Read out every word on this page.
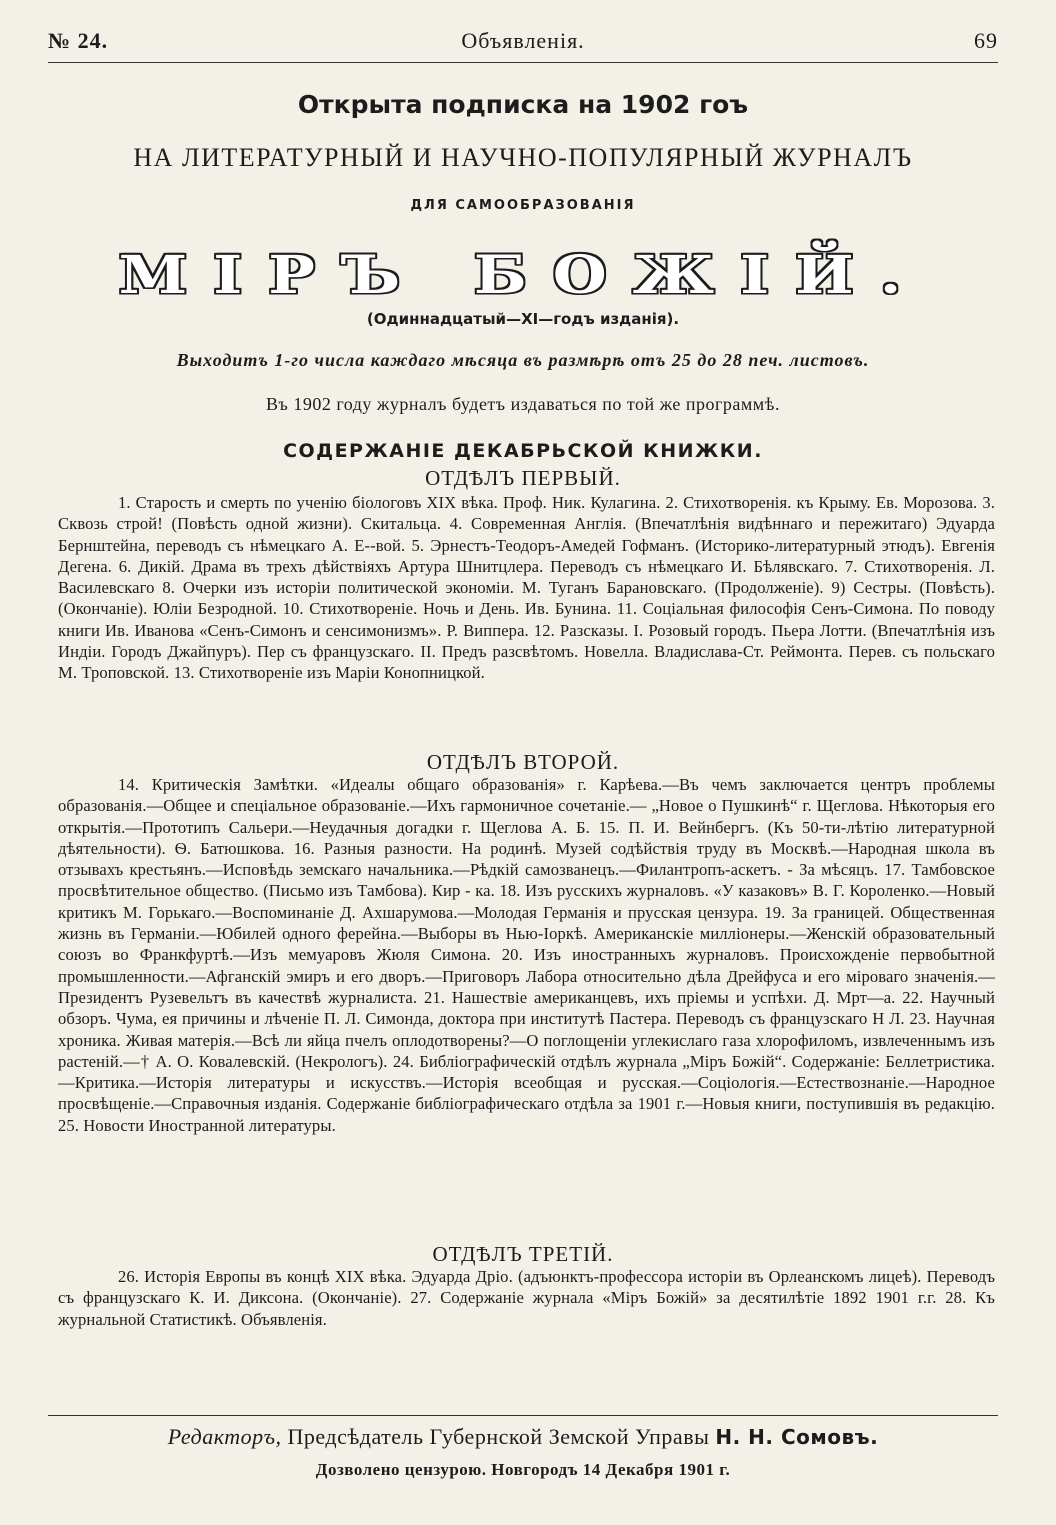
№ 24.	Объявленія.	69
Открыта подписка на 1902 гоъ
НА ЛИТЕРАТУРНЫЙ И НАУЧНО-ПОПУЛЯРНЫЙ ЖУРНАЛЪ
ДЛЯ САМООБРАЗОВАНІЯ
МІРЪ БОЖІЙ.
(Одиннадцатый—XI—годъ изданія).
Выходитъ 1-го числа каждаго мѣсяца въ размѣрѣ отъ 25 до 28 печ. листовъ.
Въ 1902 году журналъ будетъ издаваться по той же программѣ.
СОДЕРЖАНІЕ ДЕКАБРЬСКОЙ КНИЖКИ.
ОТДѢЛЪ ПЕРВЫЙ.

1. Старость и смерть по ученію біологовъ XIX вѣка. Проф. Ник. Кулагина. 2. Стихотворенія. къ Крыму. Ев. Морозова. 3. Сквозь строй! (Повѣсть одной жизни). Скитальца. 4. Современная Англія. (Впечатлѣнія видѣннаго и пережитаго) Эдуарда Бернштейна, переводъ съ нѣмецкаго А. Е--вой. 5. Эрнестъ-Теодоръ-Амедей Гофманъ. (Историко-литературный этюдъ). Евгенія Дегена. 6. Дикій. Драма въ трехъ дѣйствіяхъ Артура Шнитцлера. Переводъ съ нѣмецкаго И. Бѣлявскаго. 7. Стихотворенія. Л. Василевскаго 8. Очерки изъ исторіи политической экономіи. М. Туганъ Барановскаго. (Продолженіе). 9) Сестры. (Повѣсть). (Окончаніе). Юліи Безродной. 10. Стихотвореніе. Ночь и День. Ив. Бунина. 11. Соціальная философія Сенъ-Симона. По поводу книги Ив. Иванова «Сенъ-Симонъ и сенсимонизмъ». Р. Виппера. 12. Разсказы. I. Розовый городъ. Пьера Лотти. (Впечатлѣнія изъ Индіи. Городъ Джайпуръ). Пер съ французскаго. II. Предъ разсвѣтомъ. Новелла. Владислава-Ст. Реймонта. Перев. съ польскаго М. Троповской. 13. Стихотвореніе изъ Маріи Конопницкой.

ОТДѢЛЪ ВТОРОЙ.

14. Критическія Замѣтки. «Идеалы общаго образованія» г. Карѣева.—Въ чемъ заключается центръ проблемы образованія.—Общее и спеціальное образованіе.—Ихъ гармоничное сочетаніе.— „Новое о Пушкинѣ“ г. Щеглова. Нѣкоторыя его открытія.—Прототипъ Сальери.—Неудачныя догадки г. Щеглова А. Б. 15. П. И. Вейнбергъ. (Къ 50-ти-лѣтію литературной дѣятельности). Ѳ. Батюшкова. 16. Разныя разности. На родинѣ. Музей содѣйствія труду въ Москвѣ.—Народная школа въ отзывахъ крестьянъ.—Исповѣдь земскаго начальника.—Рѣдкій самозванецъ.—Филантропъ-аскетъ. - За мѣсяцъ. 17. Тамбовское просвѣтительное общество. (Письмо изъ Тамбова). Кир - ка. 18. Изъ русскихъ журналовъ. «У казаковъ» В. Г. Короленко.—Новый критикъ М. Горькаго.—Воспоминаніе Д. Ахшарумова.—Молодая Германія и прусская цензура. 19. За границей. Общественная жизнь въ Германіи.—Юбилей одного ферейна.—Выборы въ Нью-Іоркѣ. Американскіе милліонеры.—Женскій образовательный союзъ во Франкфуртѣ.—Изъ мемуаровъ Жюля Симона. 20. Изъ иностранныхъ журналовъ. Происхожденіе первобытной промышленности.—Афганскій эмиръ и его дворъ.—Приговоръ Лабора относительно дѣла Дрейфуса и его міроваго значенія.—Президентъ Рузевельтъ въ качествѣ журналиста. 21. Нашествіе американцевъ, ихъ пріемы и успѣхи. Д. Мрт—а. 22. Научный обзоръ. Чума, ея причины и лѣченіе П. Л. Симонда, доктора при институтѣ Пастера. Переводъ съ французскаго Н Л. 23. Научная хроника. Живая матерія.—Всѣ ли яйца пчелъ оплодотворены?—О поглощеніи углекислаго газа хлорофиломъ, извлеченнымъ изъ растеній.—† А. О. Ковалевскій. (Некрологъ). 24. Библіографическій отдѣлъ журнала „Міръ Божій“. Содержаніе: Беллетристика.—Критика.—Исторія литературы и искусствъ.—Исторія всеобщая и русская.—Соціологія.—Естествознаніе.—Народное просвѣщеніе.—Справочныя изданія. Содержаніе библіографическаго отдѣла за 1901 г.—Новыя книги, поступившія въ редакцію. 25. Новости Иностранной литературы.

ОТДѢЛЪ ТРЕТІЙ.

26. Исторія Европы въ концѣ XIX вѣка. Эдуарда Дріо. (адъюнктъ-профессора исторіи въ Орлеанскомъ лицеѣ). Переводъ съ французскаго К. И. Диксона. (Окончаніе). 27. Содержаніе журнала «Міръ Божій» за десятилѣтіе 1892 1901 г.г. 28. Къ журнальной Статистикѣ. Объявленія.

Редакторъ, Предсѣдатель Губернской Земской Управы Н. Н. Сомовъ.
Дозволено цензурою. Новгородъ 14 Декабря 1901 г.
